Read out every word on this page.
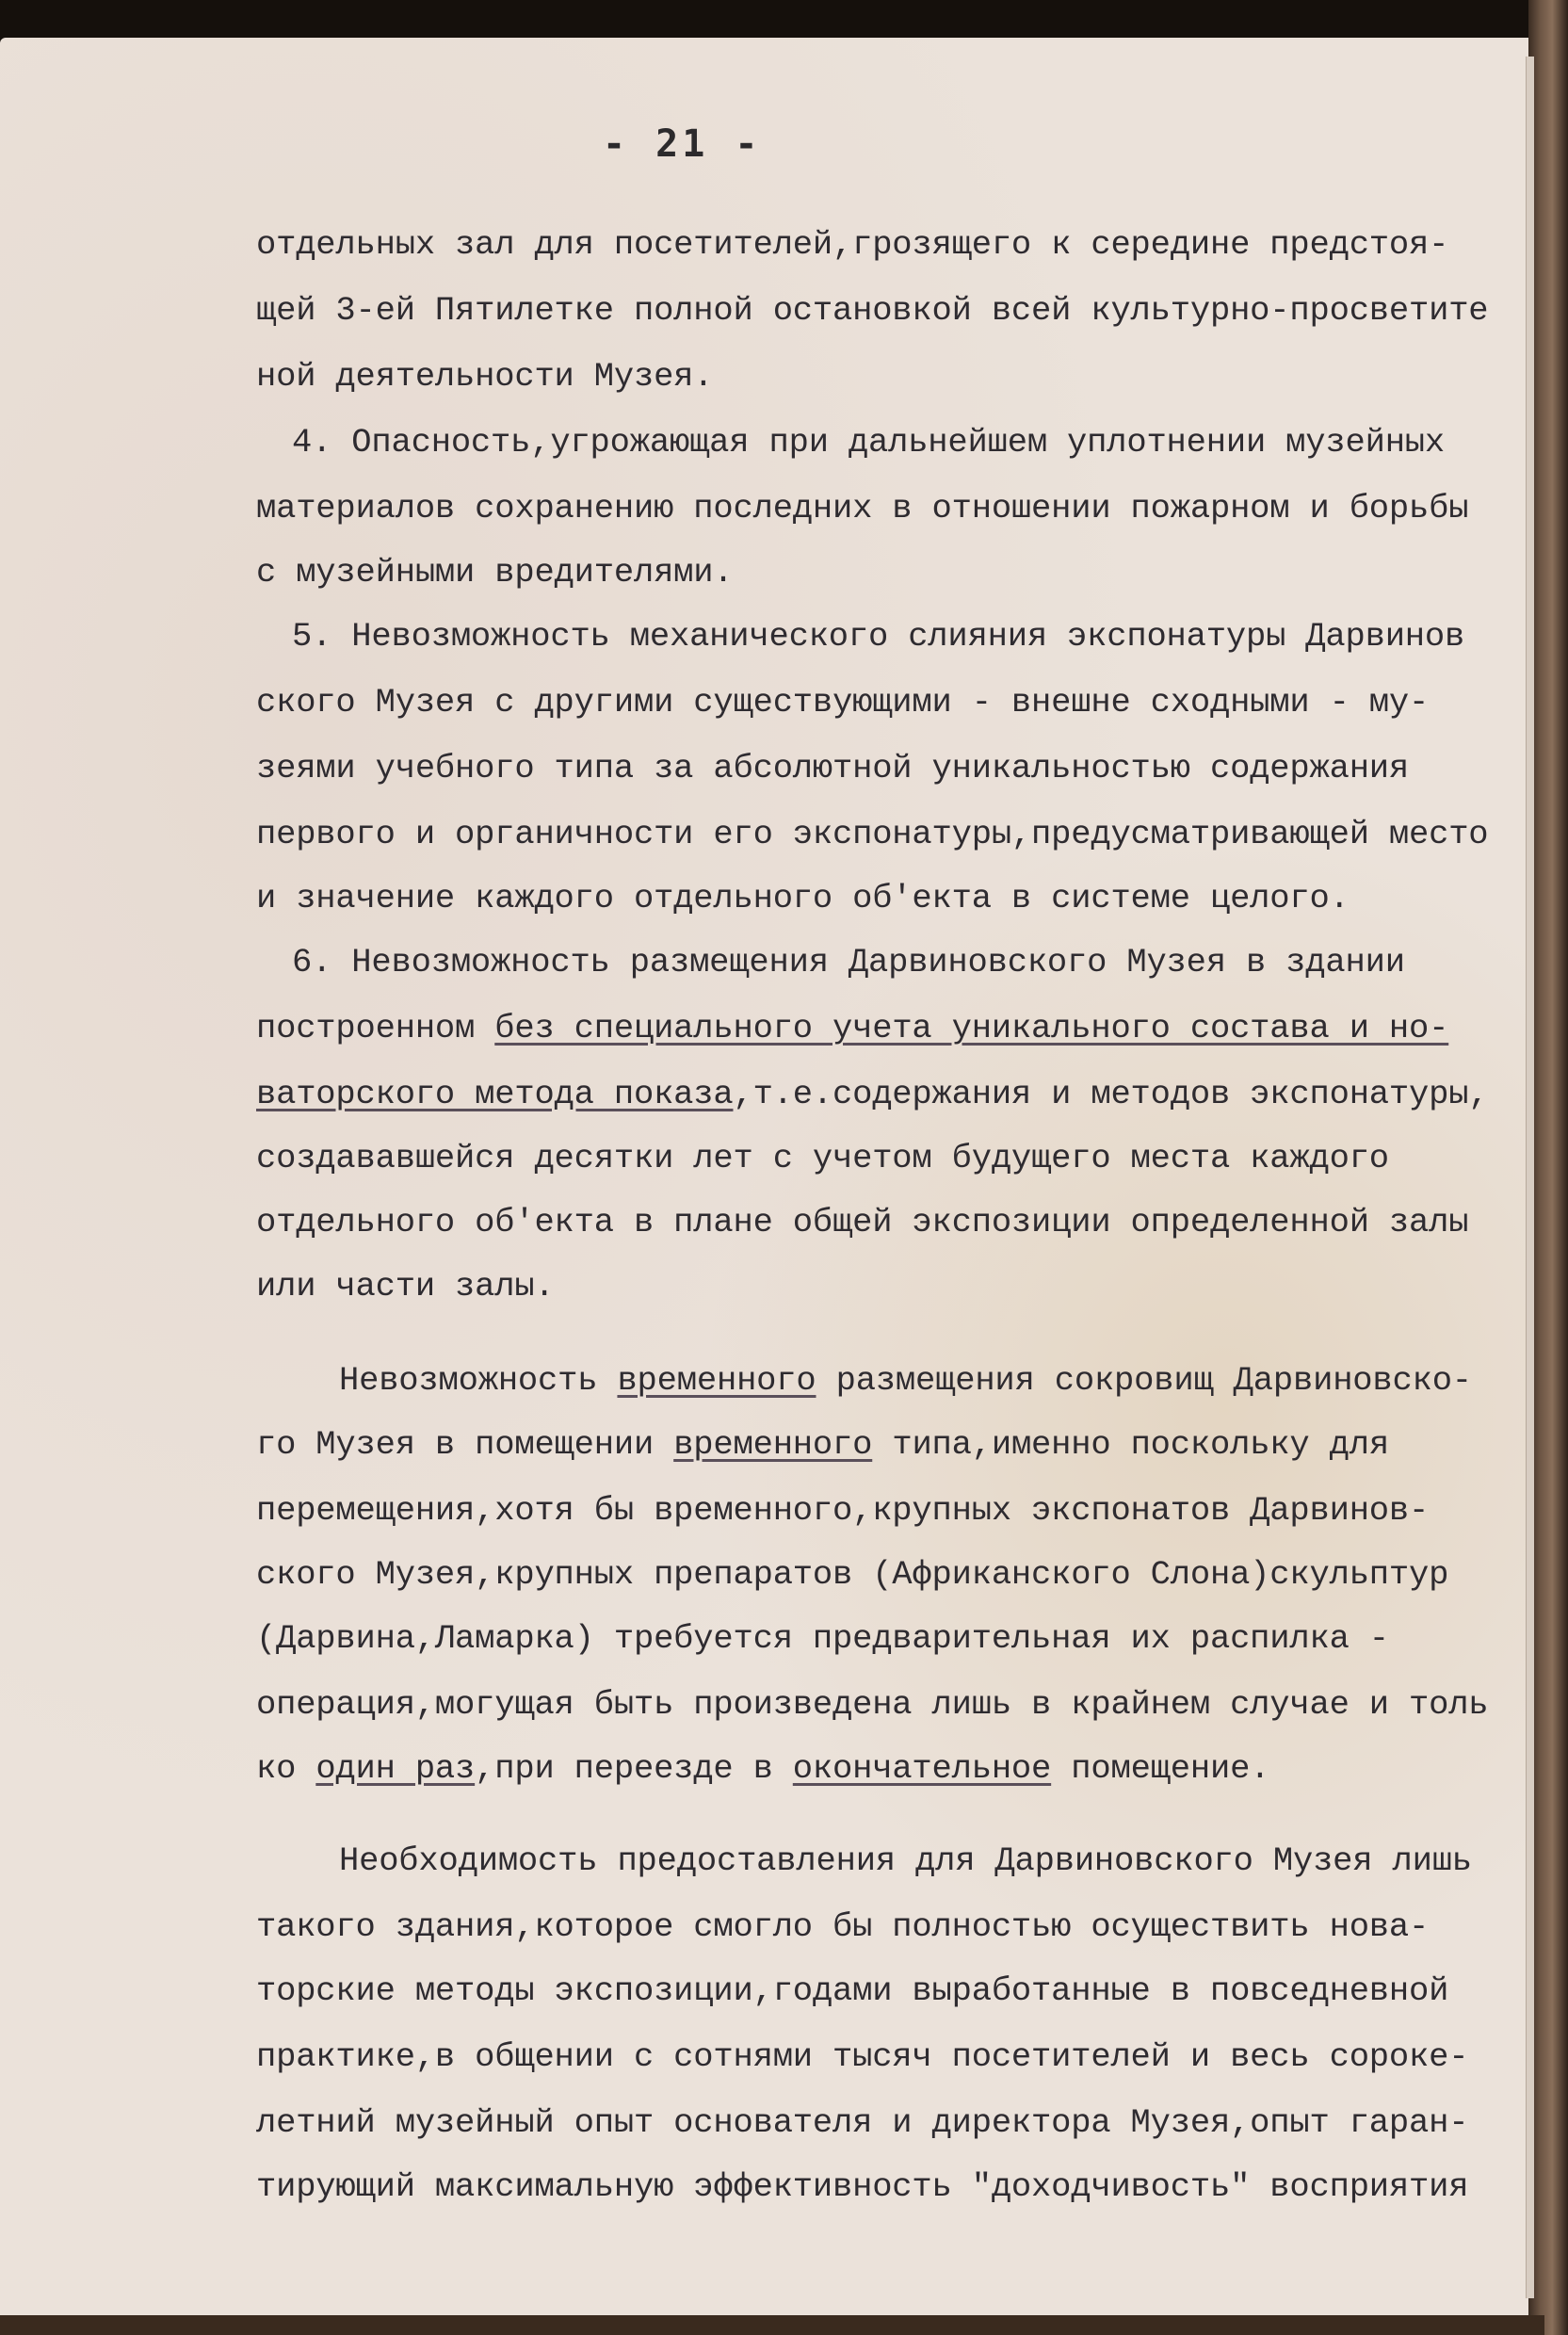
- 21 -
отдельных зал для посетителей,грозящего к середине предстоя-
щей 3-ей Пятилетке полной остановкой всей культурно-просветите
ной деятельности Музея.
4. Опасность,угрожающая при дальнейшем уплотнении музейных
материалов сохранению последних в отношении пожарном и борьбы
с музейными вредителями.
5. Невозможность механического слияния экспонатуры Дарвинов
ского Музея с другими существующими - внешне сходными - му-
зеями учебного типа за абсолютной уникальностью содержания
первого и органичности его экспонатуры,предусматривающей место
и значение каждого отдельного об'екта в системе целого.
6. Невозможность размещения Дарвиновского Музея в здании
построенном без специального учета уникального состава и но-
ваторского метода показа,т.е.содержания и методов экспонатуры,
создававшейся десятки лет с учетом будущего места каждого
отдельного об'екта в плане общей экспозиции определенной залы
или части залы.
Невозможность временного размещения сокровищ Дарвиновско-
го Музея в помещении временного типа,именно поскольку для
перемещения,хотя бы временного,крупных экспонатов Дарвинов-
ского Музея,крупных препаратов (Африканского Слона)скульптур
(Дарвина,Ламарка) требуется предварительная их распилка -
операция,могущая быть произведена лишь в крайнем случае и толь
ко один раз,при переезде в окончательное помещение.
Необходимость предоставления для Дарвиновского Музея лишь
такого здания,которое смогло бы полностью осуществить нова-
торские методы экспозиции,годами выработанные в повседневной
практике,в общении с сотнями тысяч посетителей и весь сороке-
летний музейный опыт основателя и директора Музея,опыт гаран-
тирующий максимальную эффективность "доходчивость" восприятия
